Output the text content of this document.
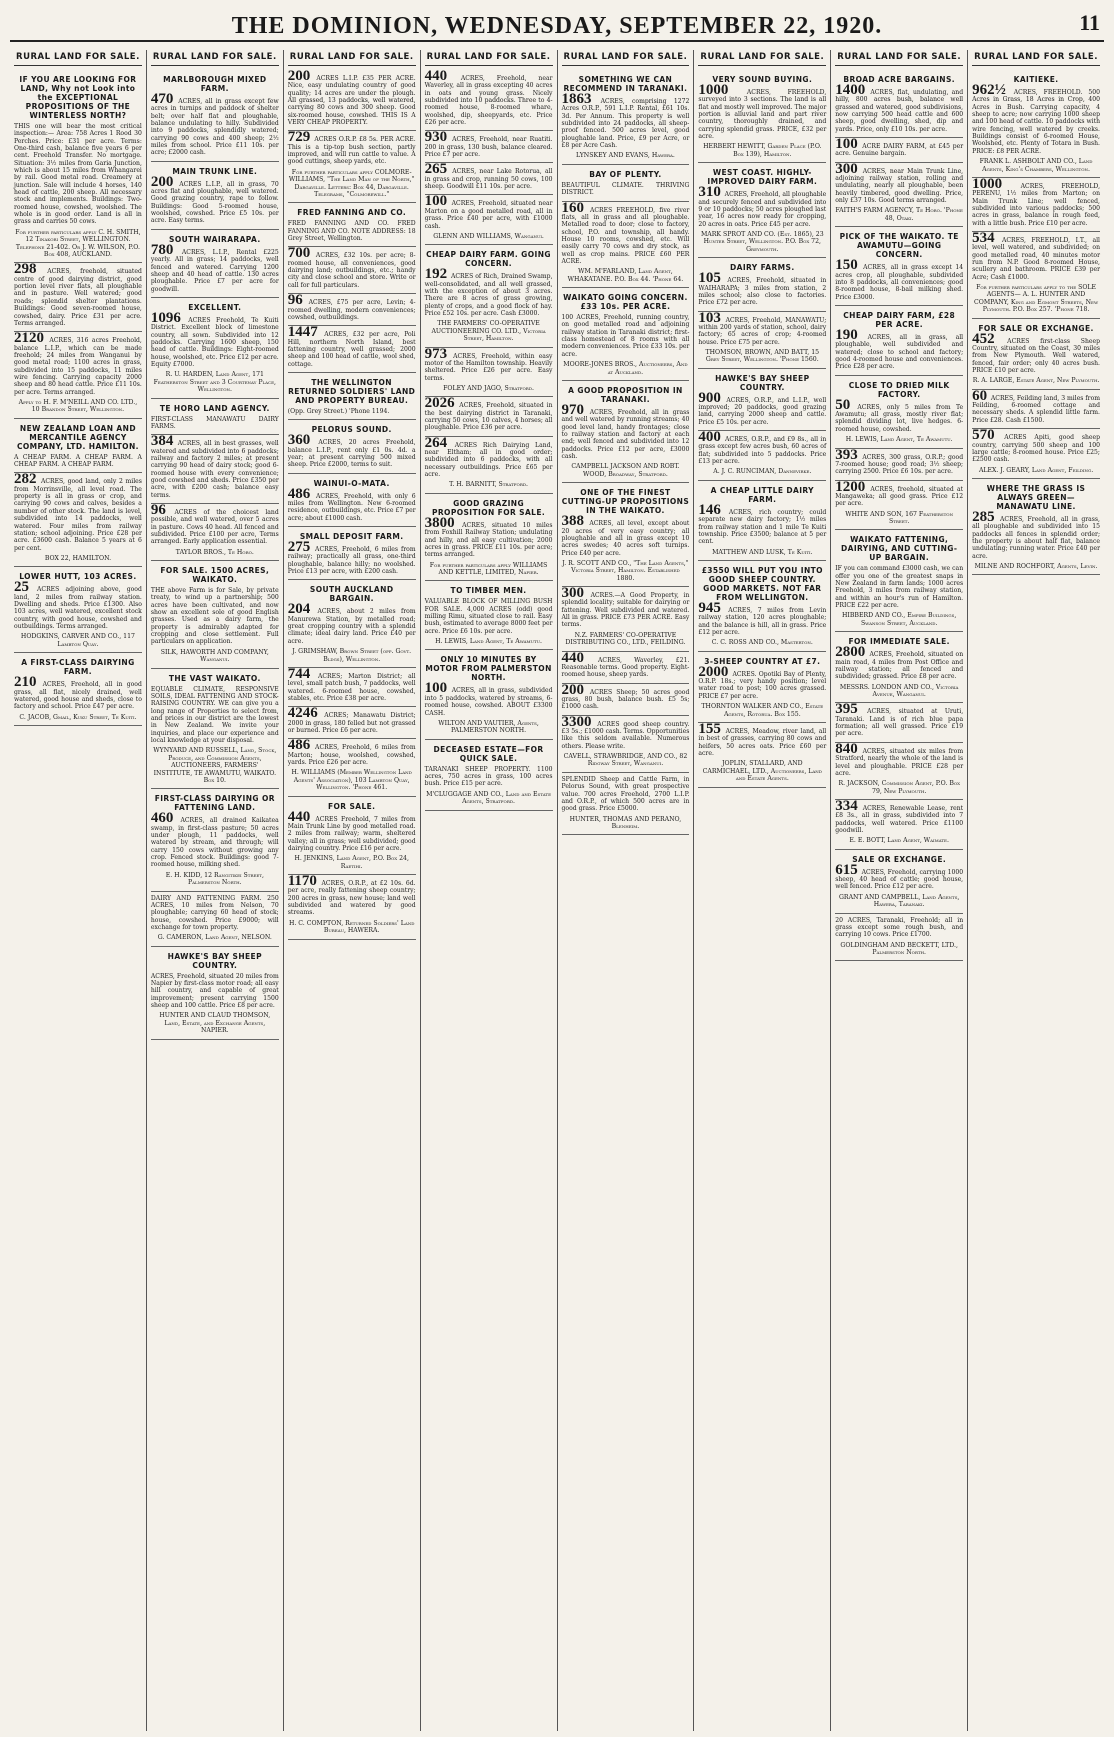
THE DOMINION, WEDNESDAY, SEPTEMBER 22, 1920.	11
RURAL LAND FOR SALE.
IF YOU ARE LOOKING FOR LAND, Why not Look into the EXCEPTIONAL PROPOSITIONS OF THE WINTERLESS NORTH?
THIS one will bear the most critical inspection:— Area: 758 Acres 1 Rood 30 Perches. Price: £31 per acre. Terms: One-third cash, balance five years 6 per cent. Freehold Transfer. No mortgage. Situation: 3½ miles from Garia Junction, which is about 15 miles from Whangarei by rail. Good metal road. Creamery at junction. Sale will include 4 horses, 140 head of cattle, 200 sheep. All necessary stock and implements. Buildings: Two-roomed house, cowshed, woolshed. The whole is in good order. Land is all in grass and carries 50 cows.
For further particulars apply C. H. SMITH, 12 Tinakori Street, WELLINGTON. Telephone 21-402. Or J. W. WILSON, P.O. Box 408, AUCKLAND.
298 ACRES, freehold, situated centre of good dairying district, good portion level river flats, all ploughable and in pasture. Well watered; good roads; splendid shelter plantations. Buildings: Good seven-roomed house, cowshed, dairy. Price £31 per acre. Terms arranged.
2120 ACRES, 316 acres Freehold, balance L.I.P., which can be made freehold; 24 miles from Wanganui by good metal road; 1100 acres in grass, subdivided into 15 paddocks, 11 miles wire fencing. Carrying capacity 2000 sheep and 80 head cattle. Price £11 10s. per acre. Terms arranged.
Apply to H. F. M'NEILL AND CO. LTD., 10 Brandon Street, Wellington.
NEW ZEALAND LOAN AND MERCANTILE AGENCY COMPANY, LTD. HAMILTON.
A CHEAP FARM. A CHEAP FARM. A CHEAP FARM. A CHEAP FARM.
282 ACRES, good land, only 2 miles from Morrinsville, all level road. The property is all in grass or crop, and carrying 90 cows and calves, besides a number of other stock. The land is level, subdivided into 14 paddocks, well watered. Four miles from railway station; school adjoining. Price £28 per acre. £3600 cash. Balance 5 years at 6 per cent.
BOX 22, HAMILTON.
LOWER HUTT, 103 ACRES.
25 ACRES adjoining above, good land, 2 miles from railway station. Dwelling and sheds. Price £1300. Also 103 acres, well watered, excellent stock country, with good house, cowshed and outbuildings. Terms arranged.
HODGKINS, CARVER AND CO., 117 Lambton Quay.
A FIRST-CLASS DAIRYING FARM.
210 ACRES, Freehold, all in good grass, all flat, nicely drained, well watered, good house and sheds, close to factory and school. Price £47 per acre.
C. JACOB, Gmail, Kuku Street, Te Kuiti.
RURAL LAND FOR SALE.
MARLBOROUGH MIXED FARM.
470 ACRES, all in grass except few acres in turnips and paddock of shelter belt; over half flat and ploughable, balance undulating to hilly. Subdivided into 9 paddocks, splendidly watered; carrying 90 cows and 400 sheep; 2½ miles from school. Price £11 10s. per acre; £2000 cash.
MAIN TRUNK LINE.
200 ACRES L.I.P., all in grass, 70 acres flat and ploughable, well watered. Good grazing country, rape to follow. Buildings: Good 5-roomed house, woolshed, cowshed. Price £5 10s. per acre. Easy terms.
SOUTH WAIRARAPA.
780 ACRES, L.I.P., Rental £225 yearly. All in grass; 14 paddocks, well fenced and watered. Carrying 1200 sheep and 40 head of cattle. 130 acres ploughable. Price £7 per acre for goodwill.
EXCELLENT.
1096 ACRES Freehold, Te Kuiti District. Excellent block of limestone country, all sown. Subdivided into 12 paddocks. Carrying 1600 sheep, 150 head of cattle. Buildings: Eight-roomed house, woolshed, etc. Price £12 per acre. Equity £7000.
R. U. HARDEN, Land Agent, 171 Featherston Street and 3 Courtenay Place, Wellington.
TE HORO LAND AGENCY.
FIRST-CLASS MANAWATU DAIRY FARMS.
384 ACRES, all in best grasses, well watered and subdivided into 6 paddocks; railway and factory 2 miles; at present carrying 90 head of dairy stock; good 6-roomed house with every convenience; good cowshed and sheds. Price £350 per acre, with £200 cash; balance easy terms.
96 ACRES of the choicest land possible, and well watered, over 5 acres in pasture. Cows 40 head. All fenced and subdivided. Price £100 per acre, Terms arranged. Early application essential.
TAYLOR BROS., Te Horo.
FOR SALE. 1500 ACRES, WAIKATO.
THE above Farm is for Sale, by private treaty, to wind up a partnership; 500 acres have been cultivated, and now show an excellent sole of good English grasses. Used as a dairy farm, the property is admirably adapted for cropping and close settlement. Full particulars on application.
SILK, HAWORTH AND COMPANY, Wanganui.
THE VAST WAIKATO.
EQUABLE CLIMATE, RESPONSIVE SOILS, IDEAL FATTENING AND STOCK-RAISING COUNTRY. WE can give you a long range of Properties to select from, and prices in our district are the lowest in New Zealand. We invite your inquiries, and place our experience and local knowledge at your disposal.
WYNYARD AND RUSSELL, Land, Stock, Produce, and Commission Agents, AUCTIONEERS, FARMERS' INSTITUTE, TE AWAMUTU, WAIKATO. Box 10.
FIRST-CLASS DAIRYING OR FATTENING LAND.
460 ACRES, all drained Kaikatea swamp, in first-class pasture; 50 acres under plough, 11 paddocks, well watered by stream, and through; will carry 150 cows without growing any crop. Fenced stock. Buildings: good 7-roomed house, milking shed.
E. H. KIDD, 12 Rangitikei Street, Palmerston North.
DAIRY AND FATTENING FARM. 250 ACRES, 10 miles from Nelson, 70 ploughable; carrying 60 head of stock; house, cowshed. Price £9000; will exchange for town property.
G. CAMERON, Land Agent, NELSON.
HAWKE'S BAY SHEEP COUNTRY.
ACRES, Freehold, situated 20 miles from Napier by first-class motor road; all easy hill country, and capable of great improvement; present carrying 1500 sheep and 100 cattle. Price £8 per acre.
HUNTER AND CLAUD THOMSON, Land, Estate, and Exchange Agents, NAPIER.
RURAL LAND FOR SALE.
200 ACRES L.I.P. £35 PER ACRE. Nice, easy undulating country of good quality; 14 acres are under the plough. All grassed, 13 paddocks, well watered, carrying 80 cows and 300 sheep. Good six-roomed house, cowshed. THIS IS A VERY CHEAP PROPERTY.
729 ACRES O.R.P. £8 5s. PER ACRE. This is a tip-top bush section, partly improved, and will run cattle to value. A good cuttings, sheep yards, etc.
For further particulars apply COLMORE-WILLIAMS, "The Land Man of the North," Dargaville. Letters: Box 44, Dargaville. Telegrams, "Colmorewill."
FRED FANNING AND CO.
FRED FANNING AND CO. FRED FANNING AND CO. NOTE ADDRESS: 18 Grey Street, Wellington.
700 ACRES, £32 10s. per acre; 8-roomed house, all conveniences, good dairying land; outbuildings, etc.; handy city and close school and store. Write or call for full particulars.
96 ACRES, £75 per acre, Levin; 4-roomed dwelling, modern conveniences; cowshed, outbuildings.
1447 ACRES, £32 per acre, Poli Hill, northern North Island, best fattening country, well grassed; 2000 sheep and 100 head of cattle, wool shed, cottage.
THE WELLINGTON RETURNED SOLDIERS' LAND AND PROPERTY BUREAU.
(Opp. Grey Street.) 'Phone 1194.
PELORUS SOUND.
360 ACRES, 20 acres Freehold, balance L.I.P., rent only £1 0s. 4d. a year; at present carrying 500 mixed sheep. Price £2000, terms to suit.
WAINUI-O-MATA.
486 ACRES, Freehold, with only 6 miles from Wellington. New 6-roomed residence, outbuildings, etc. Price £7 per acre; about £1000 cash.
SMALL DEPOSIT FARM.
275 ACRES, Freehold, 6 miles from railway; practically all grass, one-third ploughable, balance hilly; no woolshed. Price £13 per acre, with £200 cash.
SOUTH AUCKLAND BARGAIN.
204 ACRES, about 2 miles from Manurewa Station, by metalled road; great cropping country with a splendid climate; ideal dairy land. Price £40 per acre.
J. GRIMSHAW, Brown Street (opp. Govt. Bldgs), Wellington.
744 ACRES; Marton District; all level, small patch bush, 7 paddocks, well watered. 6-roomed house, cowshed, stables, etc. Price £38 per acre.
4246 ACRES; Manawatu District; 2000 in grass, 180 felled but not grassed or burned. Price £6 per acre.
486 ACRES, Freehold, 6 miles from Marton; house, woolshed, cowshed, yards. Price £26 per acre.
H. WILLIAMS (Member Wellington Land Agents' Association), 103 Lambton Quay, Wellington. 'Phone 461.
FOR SALE.
440 ACRES Freehold, 7 miles from Main Trunk Line by good metalled road. 2 miles from railway; warm, sheltered valley; all in grass; well subdivided; good dairying country. Price £16 per acre.
H. JENKINS, Land Agent, P.O. Box 24, Raetihi.
1170 ACRES, O.R.P., at £2 10s. 6d. per acre, really fattening sheep country; 200 acres in grass, new house; land well subdivided and watered by good streams.
H. C. COMPTON, Returned Soldiers' Land Bureau, HAWERA.
RURAL LAND FOR SALE.
440 ACRES, Freehold, near Waverley, all in grass excepting 40 acres in oats and young grass. Nicely subdivided into 10 paddocks. Three to 4-roomed house, 8-roomed whare, woolshed, dip, sheepyards, etc. Price £26 per acre.
930 ACRES, Freehold, near Ruatiti. 200 in grass, 130 bush, balance cleared. Price £7 per acre.
265 ACRES, near Lake Rotorua, all in grass and crop, running 50 cows, 100 sheep. Goodwill £11 10s. per acre.
100 ACRES, Freehold, situated near Marton on a good metalled road, all in grass. Price £40 per acre, with £1000 cash.
GLENN AND WILLIAMS, Wanganui.
CHEAP DAIRY FARM. GOING CONCERN.
192 ACRES of Rich, Drained Swamp, well-consolidated, and all well grassed, with the exception of about 3 acres. There are 8 acres of grass growing, plenty of crops, and a good flock of hay. Price £52 10s. per acre. Cash £3000.
THE FARMERS' CO-OPERATIVE AUCTIONEERING CO. LTD., Victoria Street, Hamilton.
973 ACRES, Freehold, within easy motor of the Hamilton township. Heavily sheltered. Price £26 per acre. Easy terms.
FOLEY AND JAGO, Stratford.
2026 ACRES, Freehold, situated in the best dairying district in Taranaki, carrying 50 cows, 10 calves, 4 horses; all ploughable. Price £36 per acre.
264 ACRES Rich Dairying Land, near Eltham; all in good order; subdivided into 6 paddocks, with all necessary outbuildings. Price £65 per acre.
T. H. BARNITT, Stratford.
GOOD GRAZING PROPOSITION FOR SALE.
3800 ACRES, situated 10 miles from Foxhill Railway Station; undulating and hilly, and all easy cultivation; 2000 acres in grass. PRICE £11 10s. per acre; terms arranged.
For further particulars apply WILLIAMS AND KETTLE, LIMITED, Napier.
TO TIMBER MEN.
VALUABLE BLOCK OF MILLING BUSH FOR SALE. 4,000 ACRES (odd) good milling Rimu, situated close to rail. Easy bush, estimated to average 8000 feet per acre. Price £6 10s. per acre.
H. LEWIS, Land Agent, Te Awamutu.
ONLY 10 MINUTES BY MOTOR FROM PALMERSTON NORTH.
100 ACRES, all in grass, subdivided into 5 paddocks, watered by streams, 6-roomed house, cowshed. ABOUT £3300 CASH.
WILTON AND VAUTIER, Agents, PALMERSTON NORTH.
DECEASED ESTATE—FOR QUICK SALE.
TARANAKI SHEEP PROPERTY. 1100 acres, 750 acres in grass, 100 acres bush. Price £15 per acre.
M'CLUGGAGE AND CO., Land and Estate Agents, Stratford.
RURAL LAND FOR SALE.
SOMETHING WE CAN RECOMMEND IN TARANAKI.
1863 ACRES, comprising 1272 Acres O.R.P., 591 L.I.P. Rental, £61 10s. 3d. Per Annum. This property is well subdivided into 24 paddocks, all sheep-proof fenced. 500 acres level, good ploughable land. Price, £9 per Acre, or £8 per Acre Cash.
LYNSKEY AND EVANS, Hawera.
BAY OF PLENTY.
BEAUTIFUL CLIMATE. THRIVING DISTRICT.
160 ACRES FREEHOLD, five river flats, all in grass and all ploughable. Metalled road to door; close to factory, school, P.O. and township, all handy. House 10 rooms, cowshed, etc. Will easily carry 70 cows and dry stock, as well as crop mains. PRICE £60 PER ACRE.
WM. M'FARLAND, Land Agent, WHAKATANE. P.O. Box 44. 'Phone 64.
WAIKATO GOING CONCERN. £33 10s. PER ACRE.
100 ACRES, Freehold, running country, on good metalled road and adjoining railway station in Taranaki district; first-class homestead of 8 rooms with all modern conveniences. Price £33 10s. per acre.
MOORE-JONES BROS., Auctioneers, And at Auckland.
A GOOD PROPOSITION IN TARANAKI.
970 ACRES, Freehold, all in grass and well watered by running streams; 40 good level land, handy frontages; close to railway station and factory at each end; well fenced and subdivided into 12 paddocks. Price £12 per acre, £3000 cash.
CAMPBELL JACKSON AND ROBT. WOOD, Broadway, Stratford.
ONE OF THE FINEST CUTTING-UP PROPOSITIONS IN THE WAIKATO.
388 ACRES, all level, except about 20 acres of very easy country; all ploughable and all in grass except 10 acres swedes; 40 acres soft turnips. Price £40 per acre.
J. R. SCOTT AND CO., "The Land Agents," Victoria Street, Hamilton. Established 1880.
300 ACRES.—A Good Property, in splendid locality; suitable for dairying or fattening. Well subdivided and watered. All in grass. PRICE £73 PER ACRE. Easy terms.
N.Z. FARMERS' CO-OPERATIVE DISTRIBUTING CO., LTD., FEILDING.
440 ACRES, Waverley, £21. Reasonable terms. Good property. Eight-roomed house, sheep yards.
200 ACRES Sheep; 50 acres good grass, 80 bush, balance bush. £5 5s; £1000 cash.
3300 ACRES good sheep country. £3 5s.; £1000 cash. Terms. Opportunities like this seldom available. Numerous others. Please write.
CAVELL, STRAWBRIDGE, AND CO., 82 Ridgway Street, Wanganui.
SPLENDID Sheep and Cattle Farm, in Pelorus Sound, with great prospective value. 700 acres Freehold, 2700 L.I.P. and O.R.P., of which 500 acres are in good grass. Price £5000.
HUNTER, THOMAS AND PERANO, Blenheim.
RURAL LAND FOR SALE.
VERY SOUND BUYING.
1000 ACRES, FREEHOLD, surveyed into 3 sections. The land is all flat and mostly well improved. The major portion is alluvial land and part river country, thoroughly drained, and carrying splendid grass. PRICE, £32 per acre.
HERBERT HEWITT, Garden Place (P.O. Box 139), Hamilton.
WEST COAST. HIGHLY-IMPROVED DAIRY FARM.
310 ACRES, Freehold, all ploughable and securely fenced and subdivided into 9 or 10 paddocks; 50 acres ploughed last year, 16 acres now ready for cropping, 20 acres in oats. Price £45 per acre.
MARK SPROT AND CO. (Est. 1865), 23 Hunter Street, Wellington. P.O. Box 72, Greymouth.
DAIRY FARMS.
105 ACRES, Freehold, situated in WAIHARAPA; 3 miles from station, 2 miles school; also close to factories. Price £72 per acre.
103 ACRES, Freehold, MANAWATU; within 200 yards of station, school, dairy factory; 65 acres of crop; 4-roomed house. Price £75 per acre.
THOMSON, BROWN, AND BATT, 15 Grey Street, Wellington. 'Phone 1560.
HAWKE'S BAY SHEEP COUNTRY.
900 ACRES, O.R.P., and L.I.P., well improved; 20 paddocks, good grazing land, carrying 2000 sheep and cattle. Price £5 10s. per acre.
400 ACRES, O.R.P., and £9 8s., all in grass except few acres bush, 60 acres of flat; subdivided into 5 paddocks. Price £13 per acre.
A. J. C. RUNCIMAN, Dannevirke.
A CHEAP LITTLE DAIRY FARM.
146 ACRES, rich country; could separate new dairy factory; 1½ miles from railway station and 1 mile Te Kuiti township. Price £3500; balance at 5 per cent.
MATTHEW AND LUSK, Te Kuiti.
£3550 WILL PUT YOU INTO GOOD SHEEP COUNTRY. GOOD MARKETS. NOT FAR FROM WELLINGTON.
945 ACRES, 7 miles from Levin railway station, 120 acres ploughable; and the balance is hill, all in grass. Price £12 per acre.
C. C. ROSS AND CO., Masterton.
3-SHEEP COUNTRY AT £7.
2000 ACRES. Opotiki Bay of Plenty, O.R.P. 18s.; very handy position; level water road to post; 100 acres grassed. PRICE £7 per acre.
THORNTON WALKER AND CO., Estate Agents, Rotorua. Box 155.
155 ACRES, Meadow, river land, all in best of grasses, carrying 80 cows and heifers, 50 acres oats. Price £60 per acre.
JOPLIN, STALLARD, AND CARMICHAEL, LTD., Auctioneers, Land and Estate Agents.
RURAL LAND FOR SALE.
BROAD ACRE BARGAINS.
1400 ACRES, flat, undulating, and hilly, 800 acres bush, balance well grassed and watered, good subdivisions, now carrying 500 head cattle and 600 sheep, good dwelling, shed, dip and yards. Price, only £10 10s. per acre.
100 ACRE DAIRY FARM, at £45 per acre. Genuine bargain.
300 ACRES, near Main Trunk Line, adjoining railway station, rolling and undulating, nearly all ploughable, been heavily timbered, good dwelling. Price, only £37 10s. Good terms arranged.
FAITH'S FARM AGENCY, Te Horo. 'Phone 48, Otaki.
PICK OF THE WAIKATO. TE AWAMUTU—GOING CONCERN.
150 ACRES, all in grass except 14 acres crop, all ploughable, subdivided into 8 paddocks, all conveniences; good 8-roomed house, 8-bail milking shed. Price £3000.
CHEAP DAIRY FARM, £28 PER ACRE.
190 ACRES, all in grass, all ploughable, well subdivided and watered; close to school and factory; good 4-roomed house and conveniences. Price £28 per acre.
CLOSE TO DRIED MILK FACTORY.
50 ACRES, only 5 miles from Te Awamutu; all grass, mostly river flat; splendid dividing lot, live hedges. 6-roomed house, cowshed.
H. LEWIS, Land Agent, Te Awamutu.
393 ACRES, 300 grass, O.R.P.; good 7-roomed house; good road; 3½ sheep; carrying 2500. Price £6 10s. per acre.
1200 ACRES, freehold, situated at Mangaweka; all good grass. Price £12 per acre.
WHITE AND SON, 167 Featherston Street.
WAIKATO FATTENING, DAIRYING, AND CUTTING-UP BARGAIN.
IF you can command £3000 cash, we can offer you one of the greatest snaps in New Zealand in farm lands; 1000 acres Freehold, 3 miles from railway station, and within an hour's run of Hamilton. PRICE £22 per acre.
HIBBERD AND CO., Empire Buildings, Swanson Street, Auckland.
FOR IMMEDIATE SALE.
2800 ACRES, Freehold, situated on main road, 4 miles from Post Office and railway station; all fenced and subdivided; grassed. Price £8 per acre.
MESSRS. LONDON AND CO., Victoria Avenue, Wanganui.
395 ACRES, situated at Uruti, Taranaki. Land is of rich blue papa formation; all well grassed. Price £19 per acre.
840 ACRES, situated six miles from Stratford, nearly the whole of the land is level and ploughable. PRICE £28 per acre.
R. JACKSON, Commission Agent, P.O. Box 79, New Plymouth.
334 ACRES, Renewable Lease, rent £8 3s., all in grass, subdivided into 7 paddocks, well watered. Price £1100 goodwill.
E. E. BOTT, Land Agent, Waimate.
SALE OR EXCHANGE.
615 ACRES, Freehold, carrying 1000 sheep, 40 head of cattle; good house, well fenced. Price £12 per acre.
GRANT AND CAMPBELL, Land Agents, Hawera, Taranaki.
20 ACRES, Taranaki, Freehold; all in grass except some rough bush, and carrying 10 cows. Price £1700.
GOLDINGHAM AND BECKETT, LTD., Palmerston North.
RURAL LAND FOR SALE.
KAITIEKE.
962½ ACRES, FREEHOLD. 500 Acres in Grass, 18 Acres in Crop, 400 Acres in Bush. Carrying capacity, 4 sheep to acre; now carrying 1000 sheep and 100 head of cattle. 10 paddocks with wire fencing, well watered by creeks. Buildings consist of 6-roomed House, Woolshed, etc. Plenty of Totara in Bush. PRICE: £8 PER ACRE.
FRANK L. ASHBOLT AND CO., Land Agents, King's Chambers, Wellington.
1000 ACRES, FREEHOLD, PERENU, 1½ miles from Marton; on Main Trunk Line; well fenced, subdivided into various paddocks; 500 acres in grass, balance in rough feed, with a little bush. Price £10 per acre.
534 ACRES, FREEHOLD, I.T., all level, well watered, and subdivided; on good metalled road, 40 minutes motor run from N.P. Good 8-roomed House, scullery and bathroom. PRICE £39 per Acre; Cash £1000.
For further particulars apply to the SOLE AGENTS— A. L. HUNTER AND COMPANY, King and Egmont Streets, New Plymouth. P.O. Box 257. 'Phone 718.
FOR SALE OR EXCHANGE.
452 ACRES first-class Sheep Country, situated on the Coast, 30 miles from New Plymouth. Well watered, fenced, fair order; only 40 acres bush. PRICE £10 per acre.
R. A. LARGE, Estate Agent, New Plymouth.
60 ACRES, Feilding land, 3 miles from Feilding, 6-roomed cottage and necessary sheds. A splendid little farm. Price £28. Cash £1500.
570 ACRES Apiti, good sheep country, carrying 500 sheep and 100 large cattle; 8-roomed house. Price £25; £2500 cash.
ALEX. J. GEARY, Land Agent, Feilding.
WHERE THE GRASS IS ALWAYS GREEN—MANAWATU LINE.
285 ACRES, Freehold, all in grass, all ploughable and subdivided into 15 paddocks all fences in splendid order; the property is about half flat, balance undulating; running water. Price £40 per acre.
MILNE AND ROCHFORT, Agents, Levin.
